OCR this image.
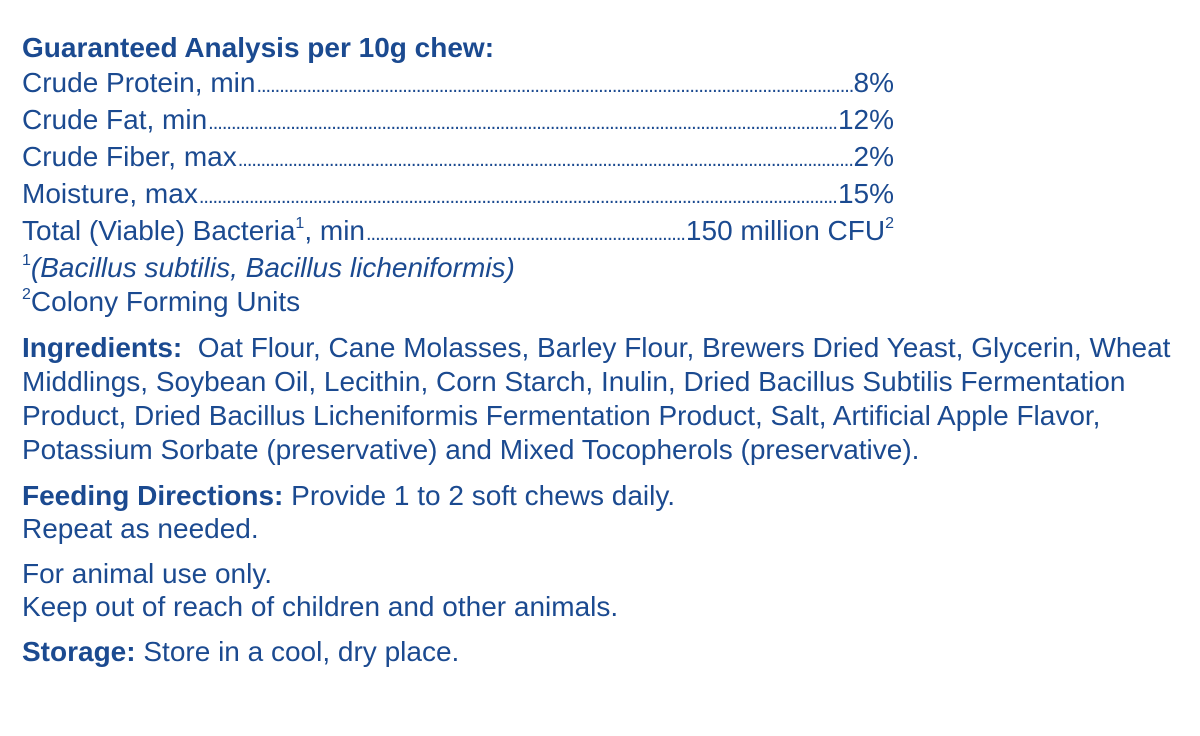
Guaranteed Analysis per 10g chew:
Crude Protein, min .....	8%
Crude Fat, min .....	12%
Crude Fiber, max .....	2%
Moisture, max .....	15%
Total (Viable) Bacteria$^1$, min .....	150 million CFU$^2$
$^1$(Bacillus subtilis, Bacillus licheniformis)
$^2$Colony Forming Units
Ingredients: Oat Flour, Cane Molasses, Barley Flour, Brewers Dried Yeast, Glycerin, Wheat Middlings, Soybean Oil, Lecithin, Corn Starch, Inulin, Dried Bacillus Subtilis Fermentation Product, Dried Bacillus Licheniformis Fermentation Product, Salt, Artificial Apple Flavor, Potassium Sorbate (preservative) and Mixed Tocopherols (preservative).
Feeding Directions: Provide 1 to 2 soft chews daily.
Repeat as needed.
For animal use only.
Keep out of reach of children and other animals.
Storage: Store in a cool, dry place.
